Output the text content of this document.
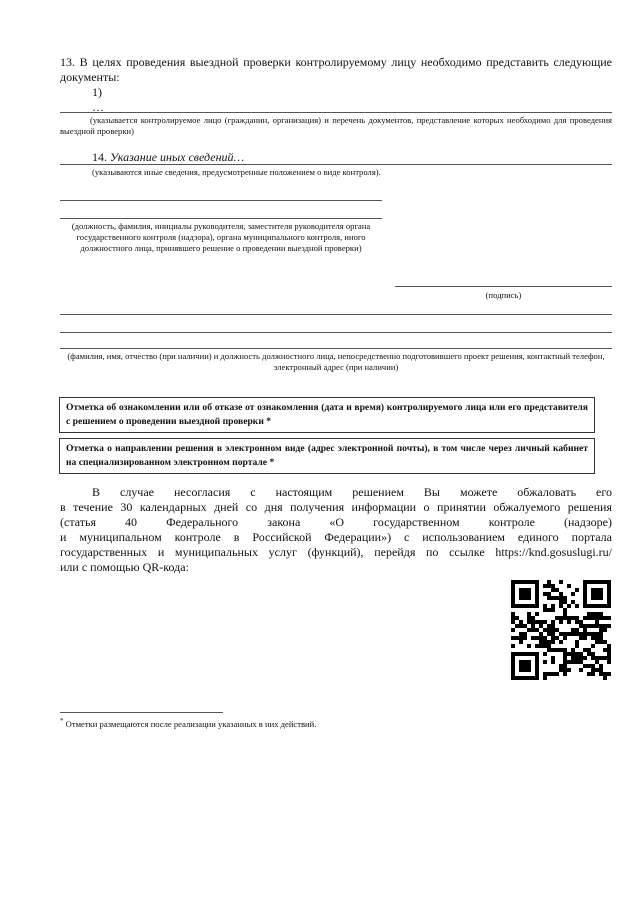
13. В целях проведения выездной проверки контролируемому лицу необходимо представить следующие документы:
1)
…
(указывается контролируемое лицо (гражданин, организация) и перечень документов, представление которых необходимо для проведения выездной проверки)
14. Указание иных сведений…
(указываются иные сведения, предусмотренные положением о виде контроля).
(должность, фамилия, инициалы руководителя, заместителя руководителя органа государственного контроля (надзора), органа муниципального контроля, иного должностного лица, принявшего решение о проведении выездной проверки)
(подпись)
(фамилия, имя, отчество (при наличии) и должность должностного лица, непосредственно подготовившего проект решения, контактный телефон, электронный адрес (при наличии)
Отметка об ознакомлении или об отказе от ознакомления (дата и время) контролируемого лица или его представителя с решением о проведении выездной проверки *
Отметка о направлении решения в электронном виде (адрес электронной почты), в том числе через личный кабинет на специализированном электронном портале *
В случае несогласия с настоящим решением Вы можете обжаловать его
в течение 30 календарных дней со дня получения информации о принятии обжалуемого решения
(статья 40 Федерального закона «О государственном контроле (надзоре)
и муниципальном контроле в Российской Федерации») с использованием единого портала
государственных и муниципальных услуг (функций), перейдя по ссылке https://knd.gosuslugi.ru/
или с помощью QR-кода:
* Отметки размещаются после реализации указанных в них действий.
